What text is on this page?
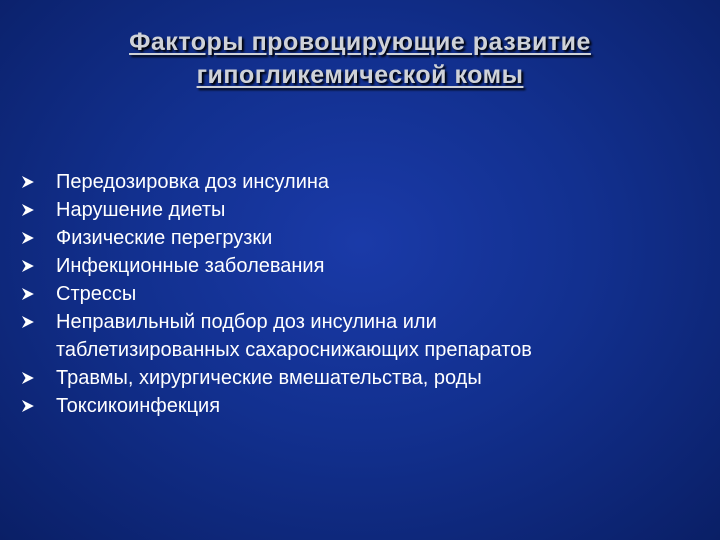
Факторы провоцирующие развитие
гипогликемической комы
Передозировка доз инсулина
Нарушение диеты
Физические перегрузки
Инфекционные заболевания
Стрессы
Неправильный подбор доз инсулина или
таблетизированных сахароснижающих препаратов
Травмы, хирургические вмешательства, роды
Токсикоинфекция
